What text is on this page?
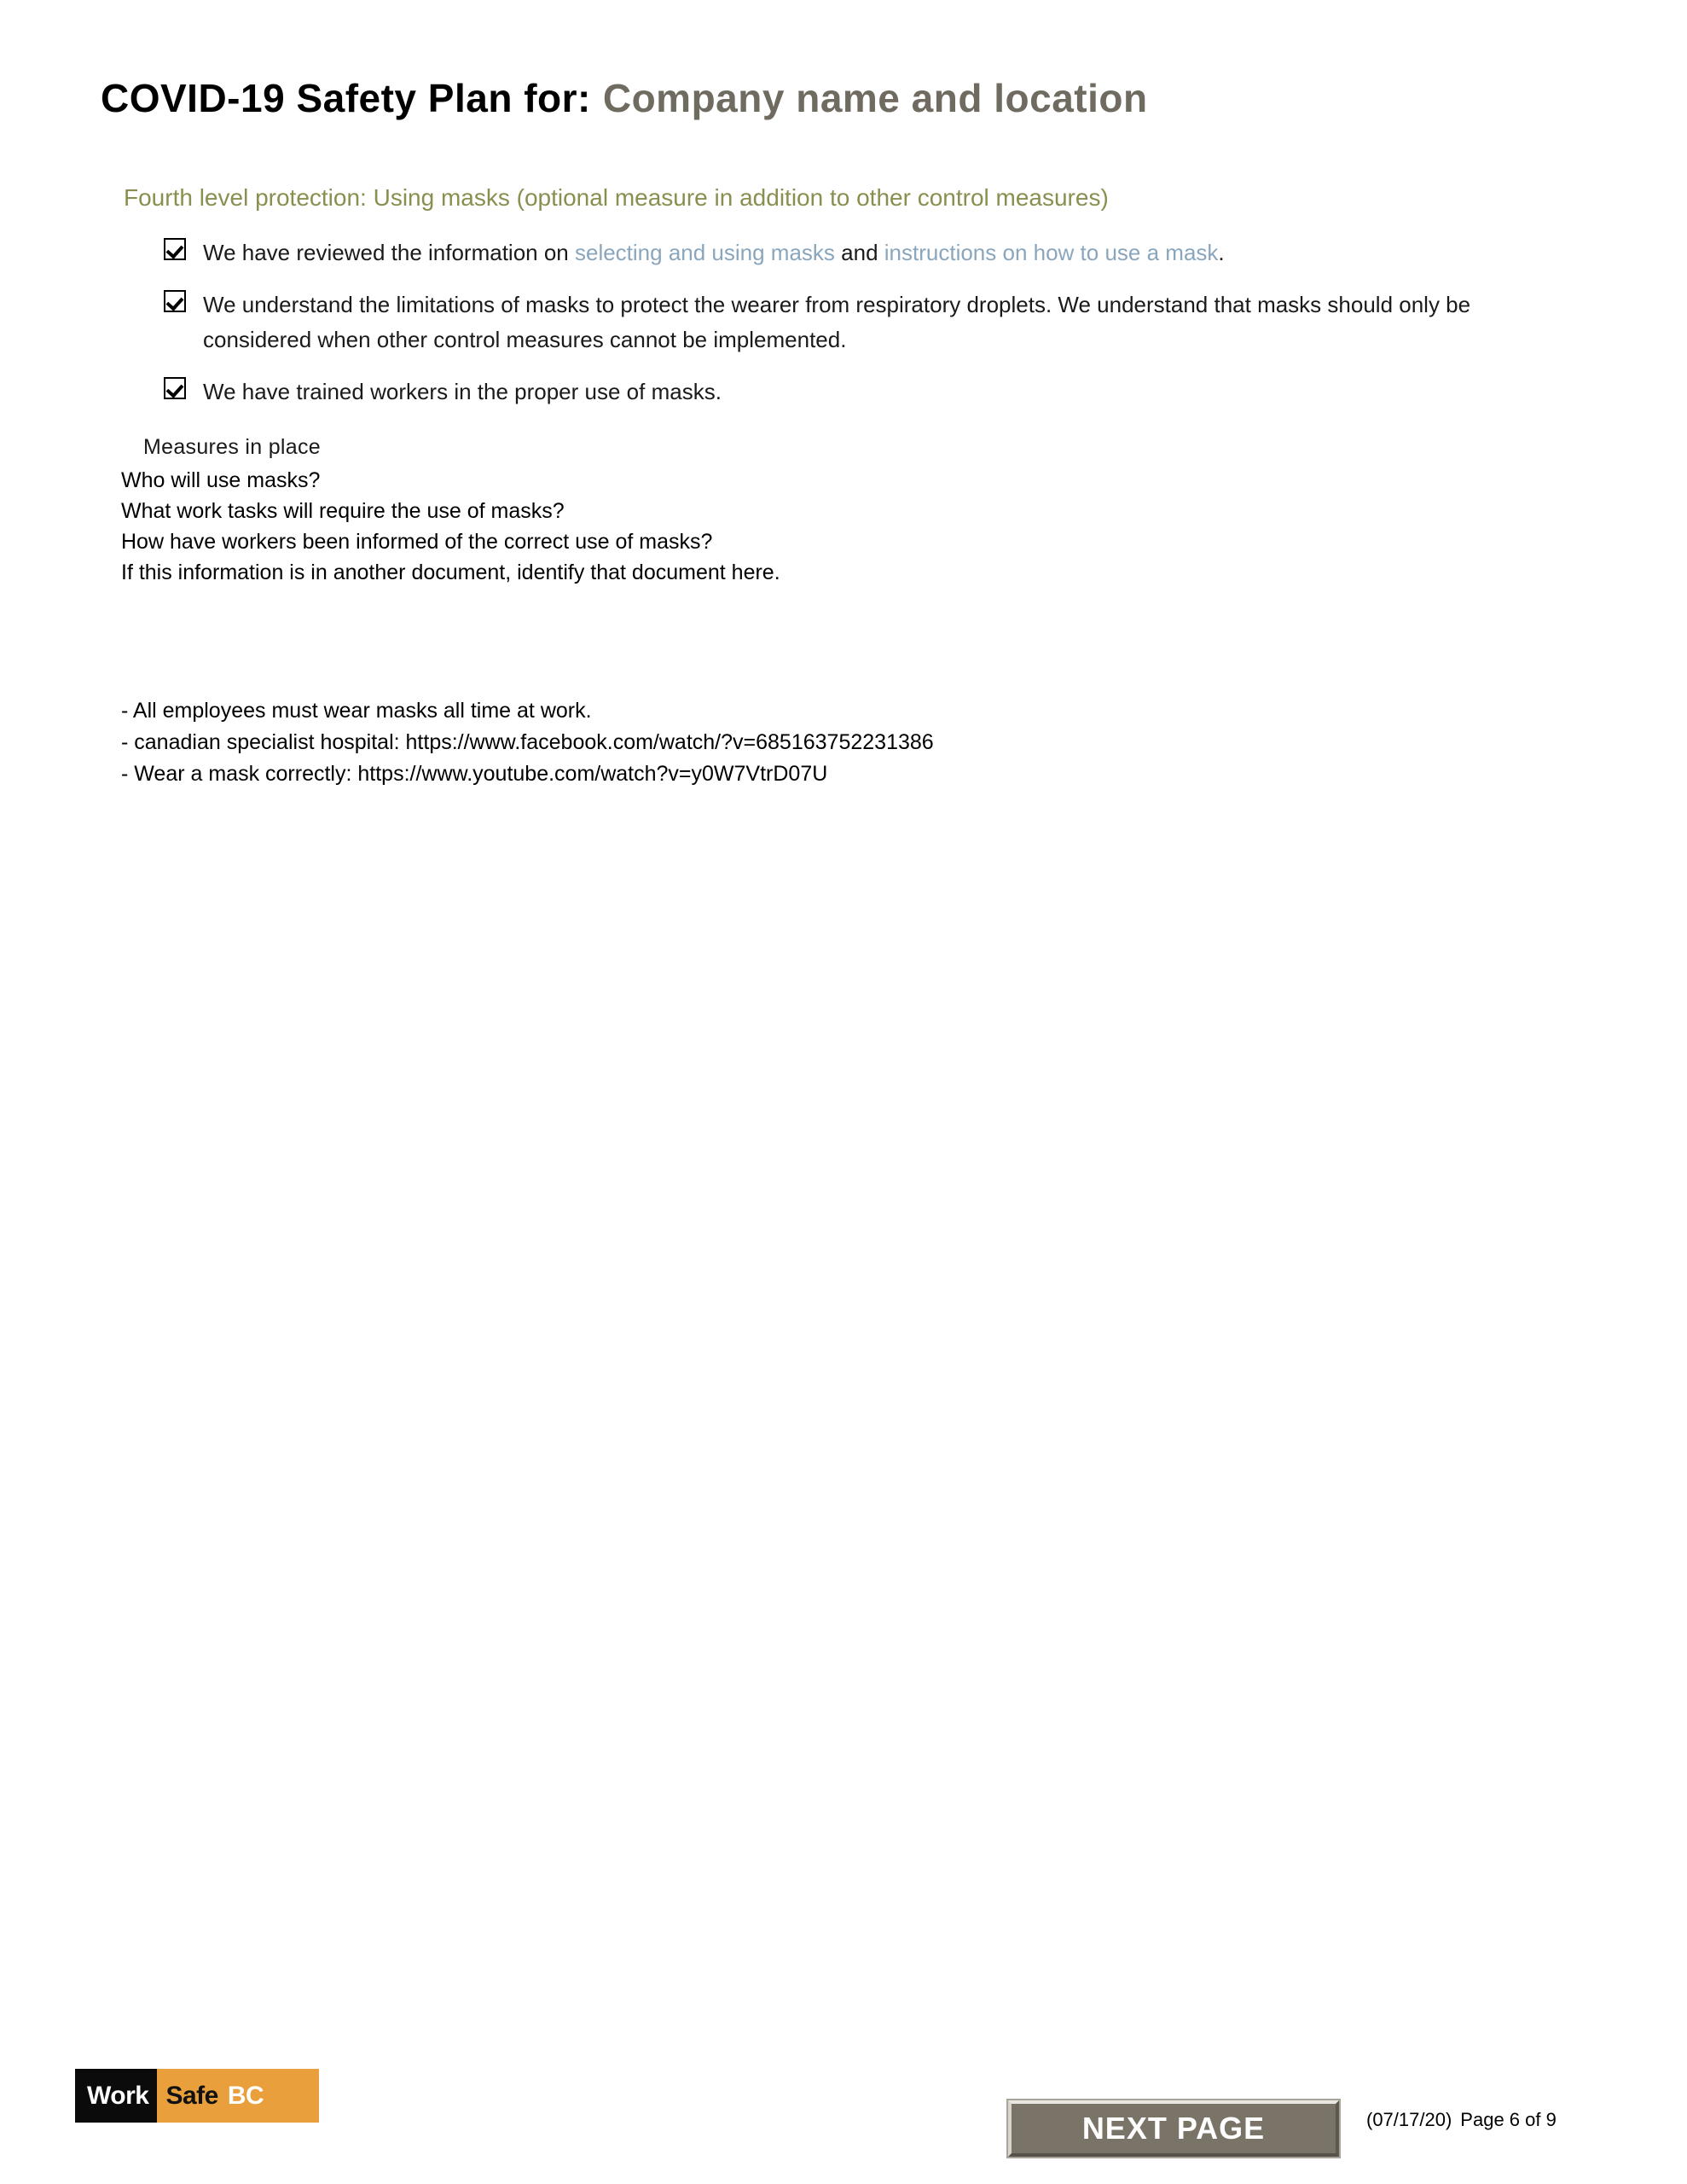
COVID-19 Safety Plan for: Company name and location
Fourth level protection: Using masks (optional measure in addition to other control measures)
We have reviewed the information on selecting and using masks and instructions on how to use a mask.
We understand the limitations of masks to protect the wearer from respiratory droplets. We understand that masks should only be considered when other control measures cannot be implemented.
We have trained workers in the proper use of masks.
Measures in place
Who will use masks?
What work tasks will require the use of masks?
How have workers been informed of the correct use of masks?
If this information is in another document, identify that document here.
- All employees must wear masks all time at work.
- canadian specialist hospital: https://www.facebook.com/watch/?v=685163752231386
- Wear a mask correctly: https://www.youtube.com/watch?v=y0W7VtrD07U
Work Safe BC
NEXT PAGE	(07/17/20) Page 6 of 9
